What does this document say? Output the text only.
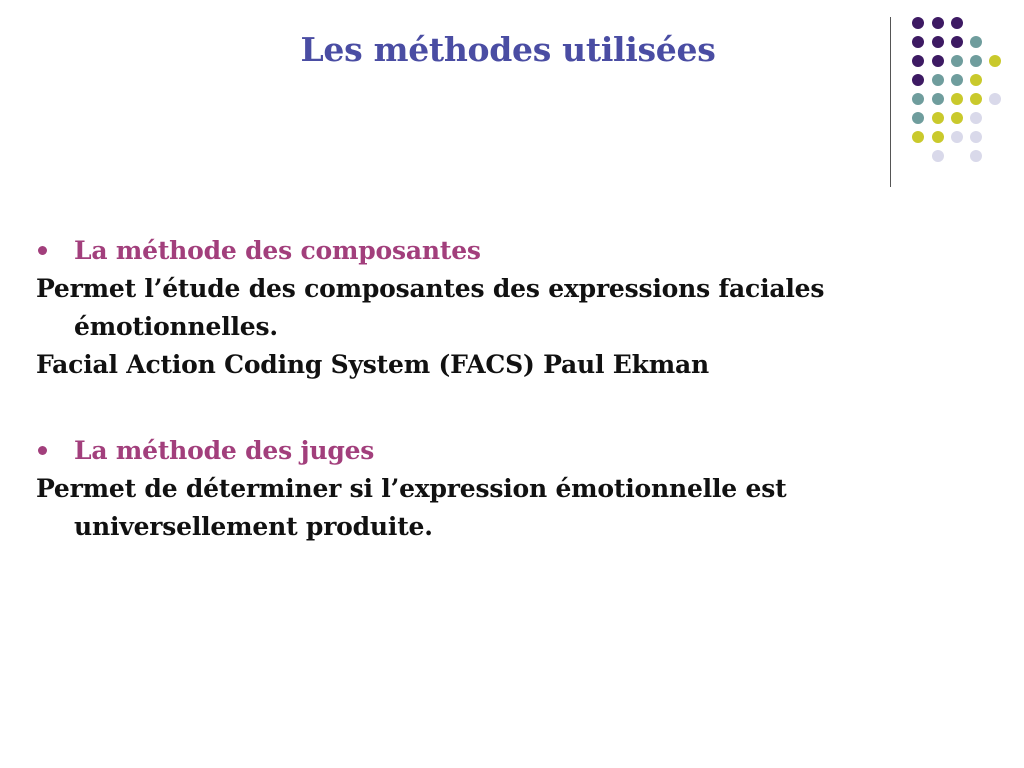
Les méthodes utilisées

La méthode des composantes

Permet l’étude des composantes des expressions faciales émotionnelles.

Facial Action Coding System (FACS) Paul Ekman

La méthode des juges

Permet de déterminer si l’expression émotionnelle est universellement produite.
